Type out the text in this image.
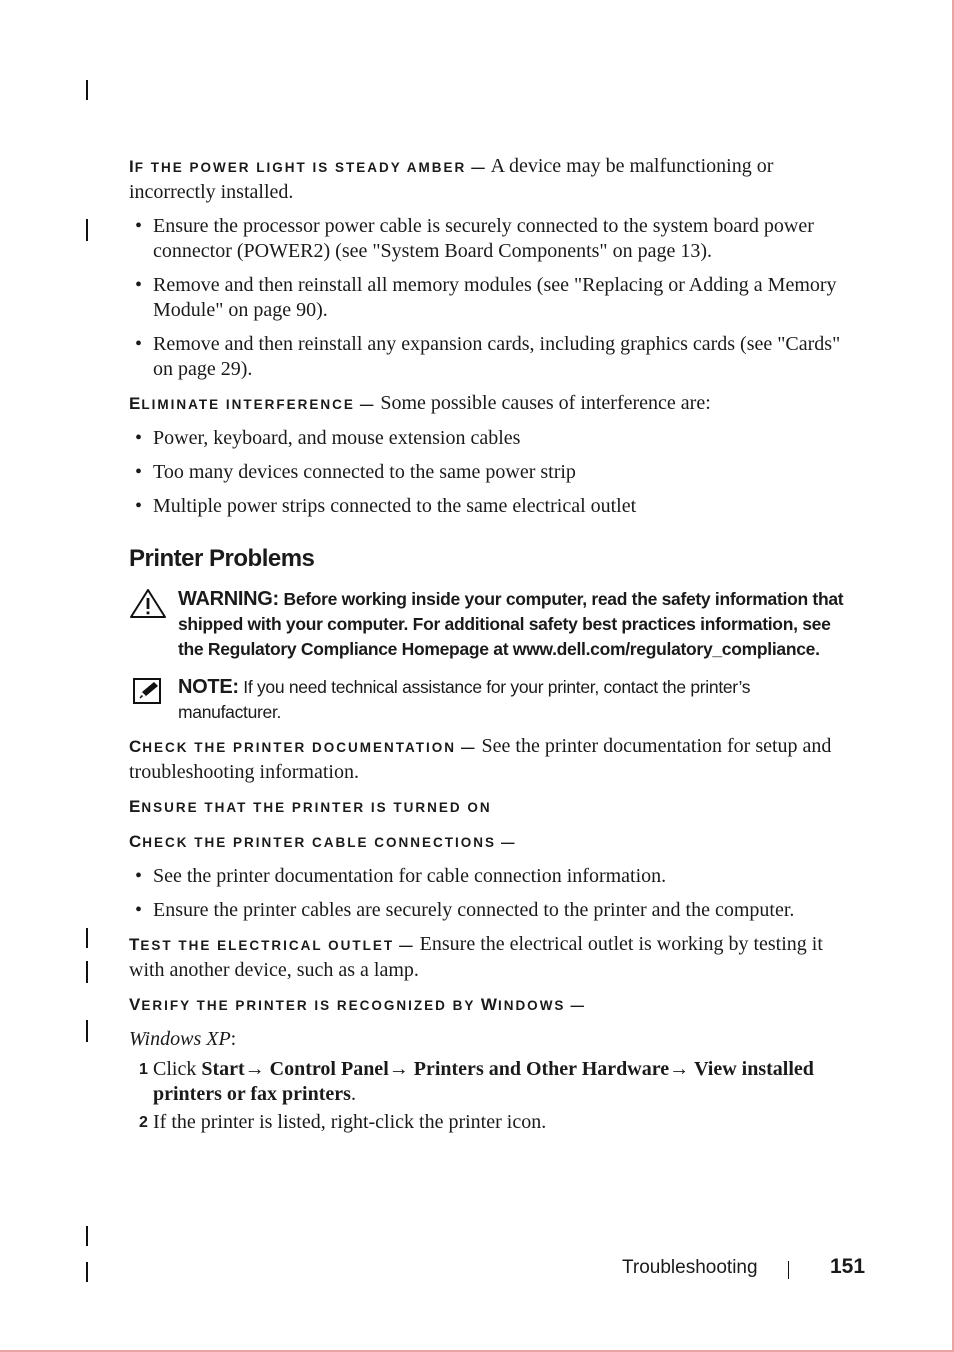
IF THE POWER LIGHT IS STEADY AMBER — A device may be malfunctioning or incorrectly installed.

• Ensure the processor power cable is securely connected to the system board power connector (POWER2) (see "System Board Components" on page 13).
• Remove and then reinstall all memory modules (see "Replacing or Adding a Memory Module" on page 90).
• Remove and then reinstall any expansion cards, including graphics cards (see "Cards" on page 29).

ELIMINATE INTERFERENCE — Some possible causes of interference are:

• Power, keyboard, and mouse extension cables
• Too many devices connected to the same power strip
• Multiple power strips connected to the same electrical outlet
Printer Problems
WARNING: Before working inside your computer, read the safety information that shipped with your computer. For additional safety best practices information, see the Regulatory Compliance Homepage at www.dell.com/regulatory_compliance.
NOTE: If you need technical assistance for your printer, contact the printer’s manufacturer.

CHECK THE PRINTER DOCUMENTATION — See the printer documentation for setup and troubleshooting information.

ENSURE THAT THE PRINTER IS TURNED ON

CHECK THE PRINTER CABLE CONNECTIONS —

• See the printer documentation for cable connection information.
• Ensure the printer cables are securely connected to the printer and the computer.

TEST THE ELECTRICAL OUTLET — Ensure the electrical outlet is working by testing it with another device, such as a lamp.

VERIFY THE PRINTER IS RECOGNIZED BY WINDOWS —

Windows XP:

1 Click Start→ Control Panel→ Printers and Other Hardware→ View installed printers or fax printers.
2 If the printer is listed, right-click the printer icon.
Troubleshooting	151
